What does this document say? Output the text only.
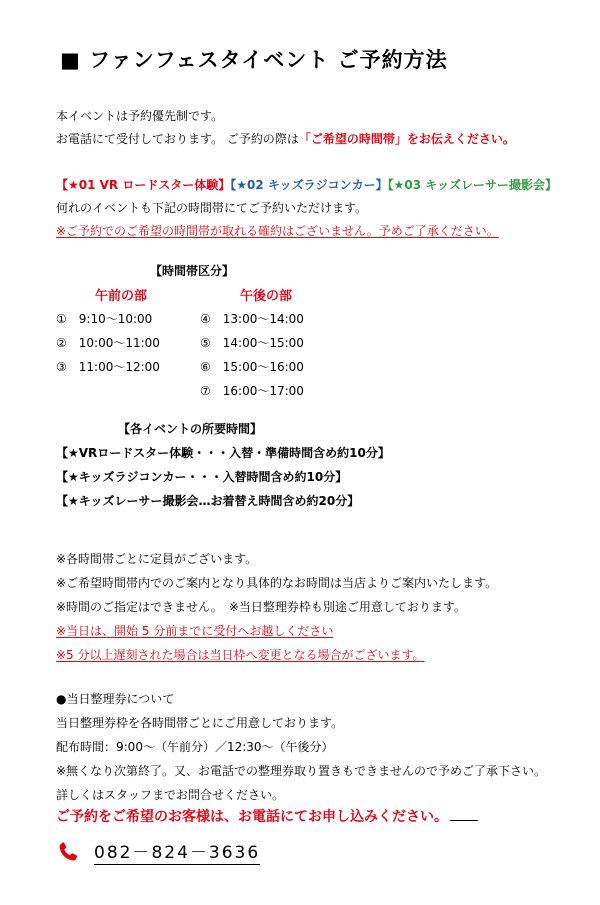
■ ファンフェスタイベント ご予約方法
本イベントは予約優先制です。
お電話にて受付しております。 ご予約の際は「ご希望の時間帯」をお伝えください。
【★01 VR ロードスター体験】【★02 キッズラジコンカー】【★03 キッズレーサー撮影会】
何れのイベントも下記の時間帯にてご予約いただけます。
※ご予約でのご希望の時間帯が取れる確約はございません。予めご了承ください。
【時間帯区分】
午前の部	午後の部
① 9:10～10:00
② 10:00～11:00
③ 11:00～12:00
④ 13:00～14:00
⑤ 14:00～15:00
⑥ 15:00～16:00
⑦ 16:00～17:00
【各イベントの所要時間】
【★VRロードスター体験・・・入替・準備時間含め約10分】
【★キッズラジコンカー・・・入替時間含め約10分】
【★キッズレーサー撮影会…お着替え時間含め約20分】
※各時間帯ごとに定員がございます。
※ご希望時間帯内でのご案内となり具体的なお時間は当店よりご案内いたします。
※時間のご指定はできません。　※当日整理券枠も別途ご用意しております。
※当日は、開始 5 分前までに受付へお越しください
※5 分以上遅刻された場合は当日枠へ変更となる場合がございます。
●当日整理券について
当日整理券枠を各時間帯ごとにご用意しております。
配布時間：9:00～（午前分）／12:30～（午後分）
※無くなり次第終了。又、お電話での整理券取り置きもできませんので予めご了承下さい。
詳しくはスタッフまでお問合せください。
ご予約をご希望のお客様は、お電話にてお申し込みください。
082－824－3636
